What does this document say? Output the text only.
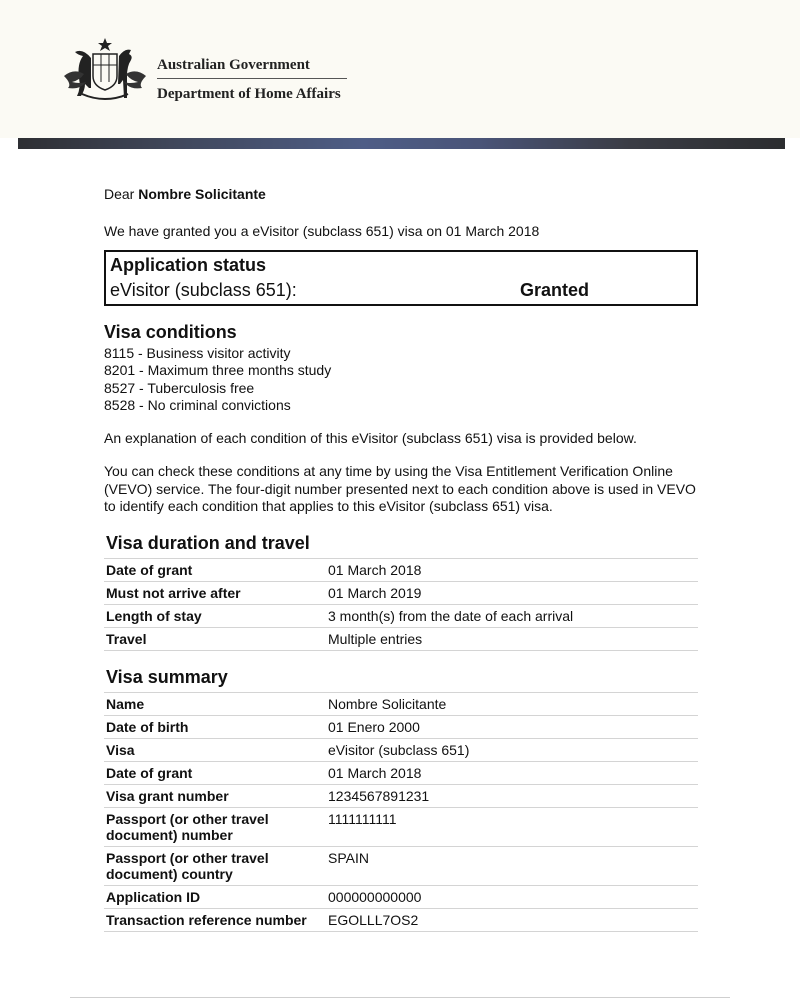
Australian Government
Department of Home Affairs

Dear Nombre Solicitante

We have granted you a eVisitor (subclass 651) visa on 01 March 2018

Application status
eVisitor (subclass 651):	Granted
Visa conditions
8115 - Business visitor activity
8201 - Maximum three months study
8527 - Tuberculosis free
8528 - No criminal convictions

An explanation of each condition of this eVisitor (subclass 651) visa is provided below.

You can check these conditions at any time by using the Visa Entitlement Verification Online (VEVO) service. The four-digit number presented next to each condition above is used in VEVO to identify each condition that applies to this eVisitor (subclass 651) visa.

Visa duration and travel
Date of grant	01 March 2018
Must not arrive after	01 March 2019
Length of stay	3 month(s) from the date of each arrival
Travel	Multiple entries
Visa summary
Name	Nombre Solicitante
Date of birth	01 Enero 2000
Visa	eVisitor (subclass 651)
Date of grant	01 March 2018
Visa grant number	1234567891231
Passport (or other travel document) number	1111111111
Passport (or other travel document) country	SPAIN
Application ID	000000000000
Transaction reference number	EGOLLL7OS2
